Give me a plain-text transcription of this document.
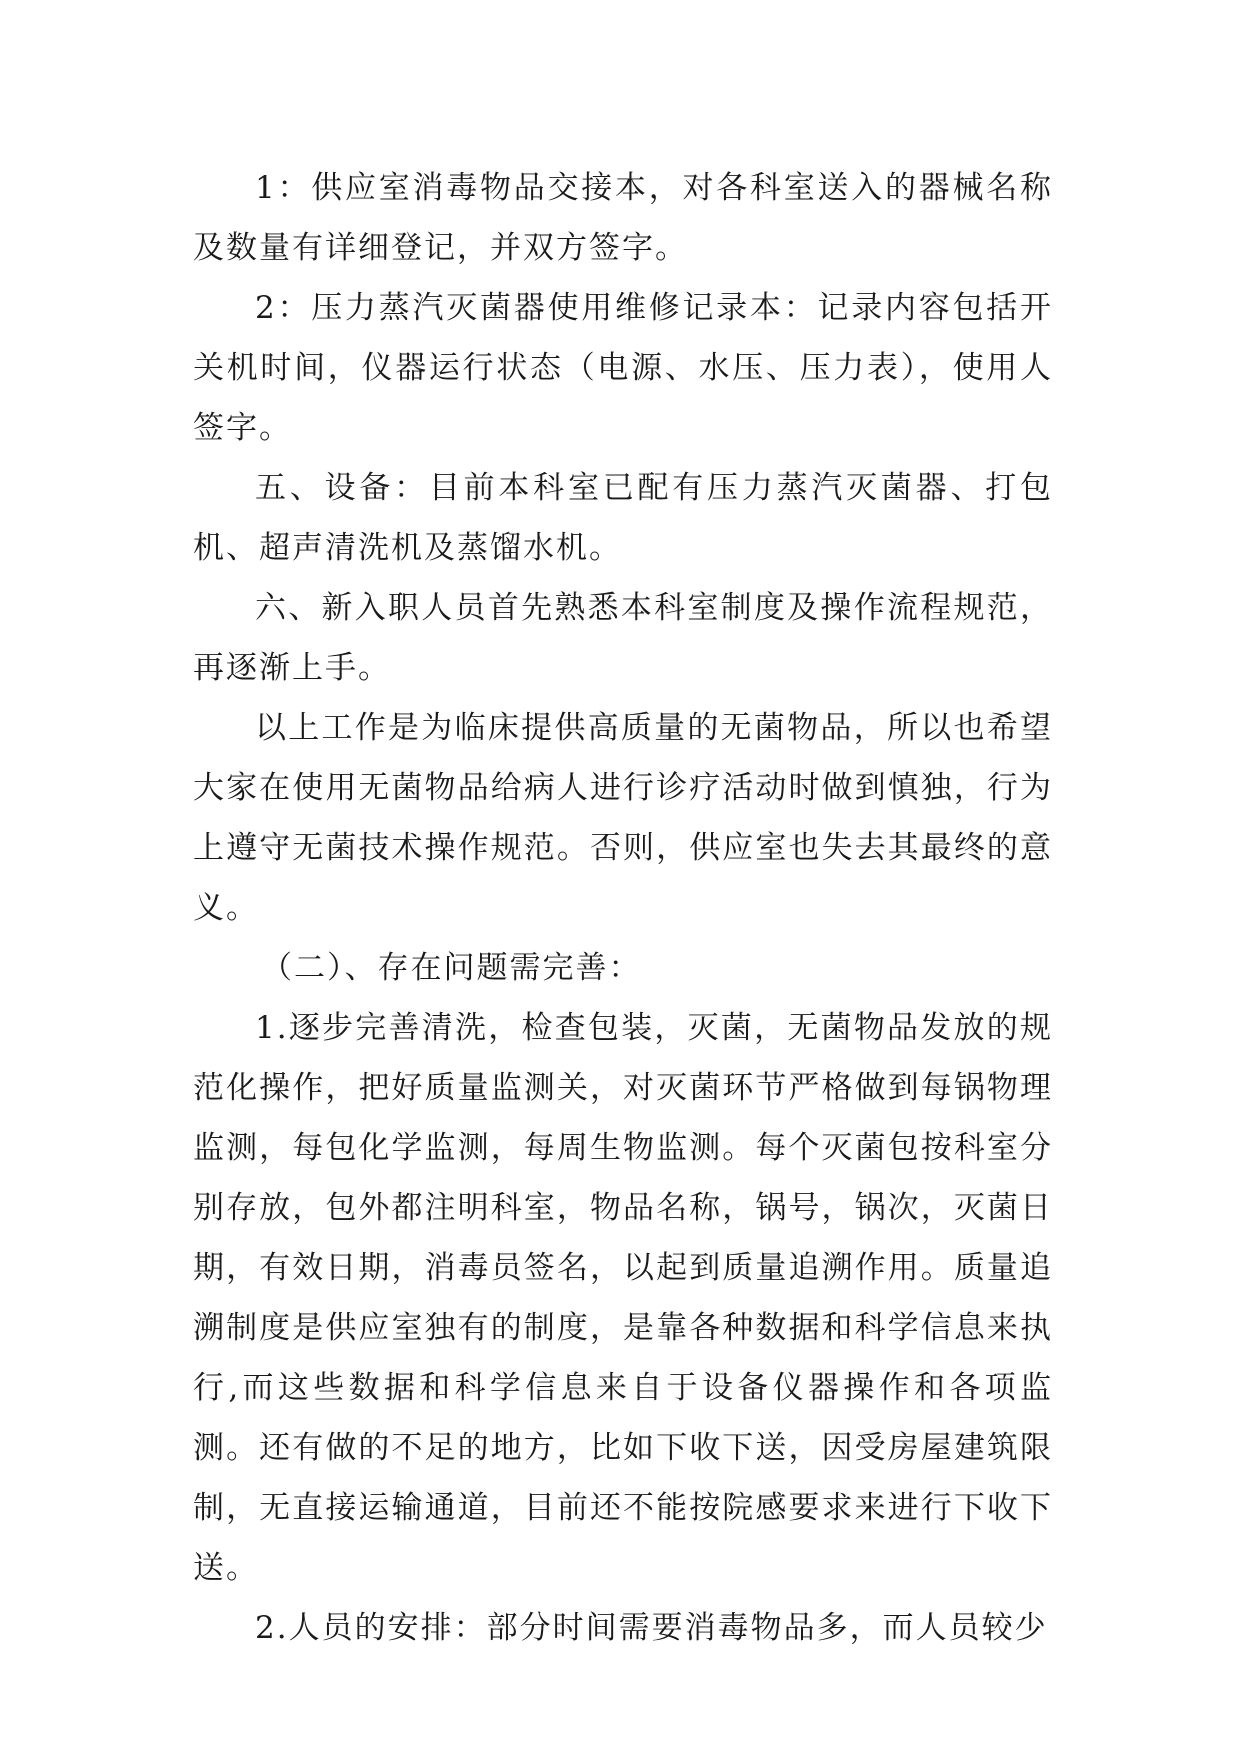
1：供应室消毒物品交接本，对各科室送入的器械名称及数量有详细登记，并双方签字。

2：压力蒸汽灭菌器使用维修记录本：记录内容包括开关机时间，仪器运行状态（电源、水压、压力表），使用人签字。

五、设备：目前本科室已配有压力蒸汽灭菌器、打包机、超声清洗机及蒸馏水机。

六、新入职人员首先熟悉本科室制度及操作流程规范，再逐渐上手。

以上工作是为临床提供高质量的无菌物品，所以也希望大家在使用无菌物品给病人进行诊疗活动时做到慎独，行为上遵守无菌技术操作规范。否则，供应室也失去其最终的意义。

（二）、存在问题需完善：

1.逐步完善清洗，检查包装，灭菌，无菌物品发放的规范化操作，把好质量监测关，对灭菌环节严格做到每锅物理监测，每包化学监测，每周生物监测。每个灭菌包按科室分别存放，包外都注明科室，物品名称，锅号，锅次，灭菌日期，有效日期，消毒员签名，以起到质量追溯作用。质量追溯制度是供应室独有的制度，是靠各种数据和科学信息来执行,而这些数据和科学信息来自于设备仪器操作和各项监测。还有做的不足的地方，比如下收下送，因受房屋建筑限制，无直接运输通道，目前还不能按院感要求来进行下收下送。

2.人员的安排：部分时间需要消毒物品多，而人员较少
